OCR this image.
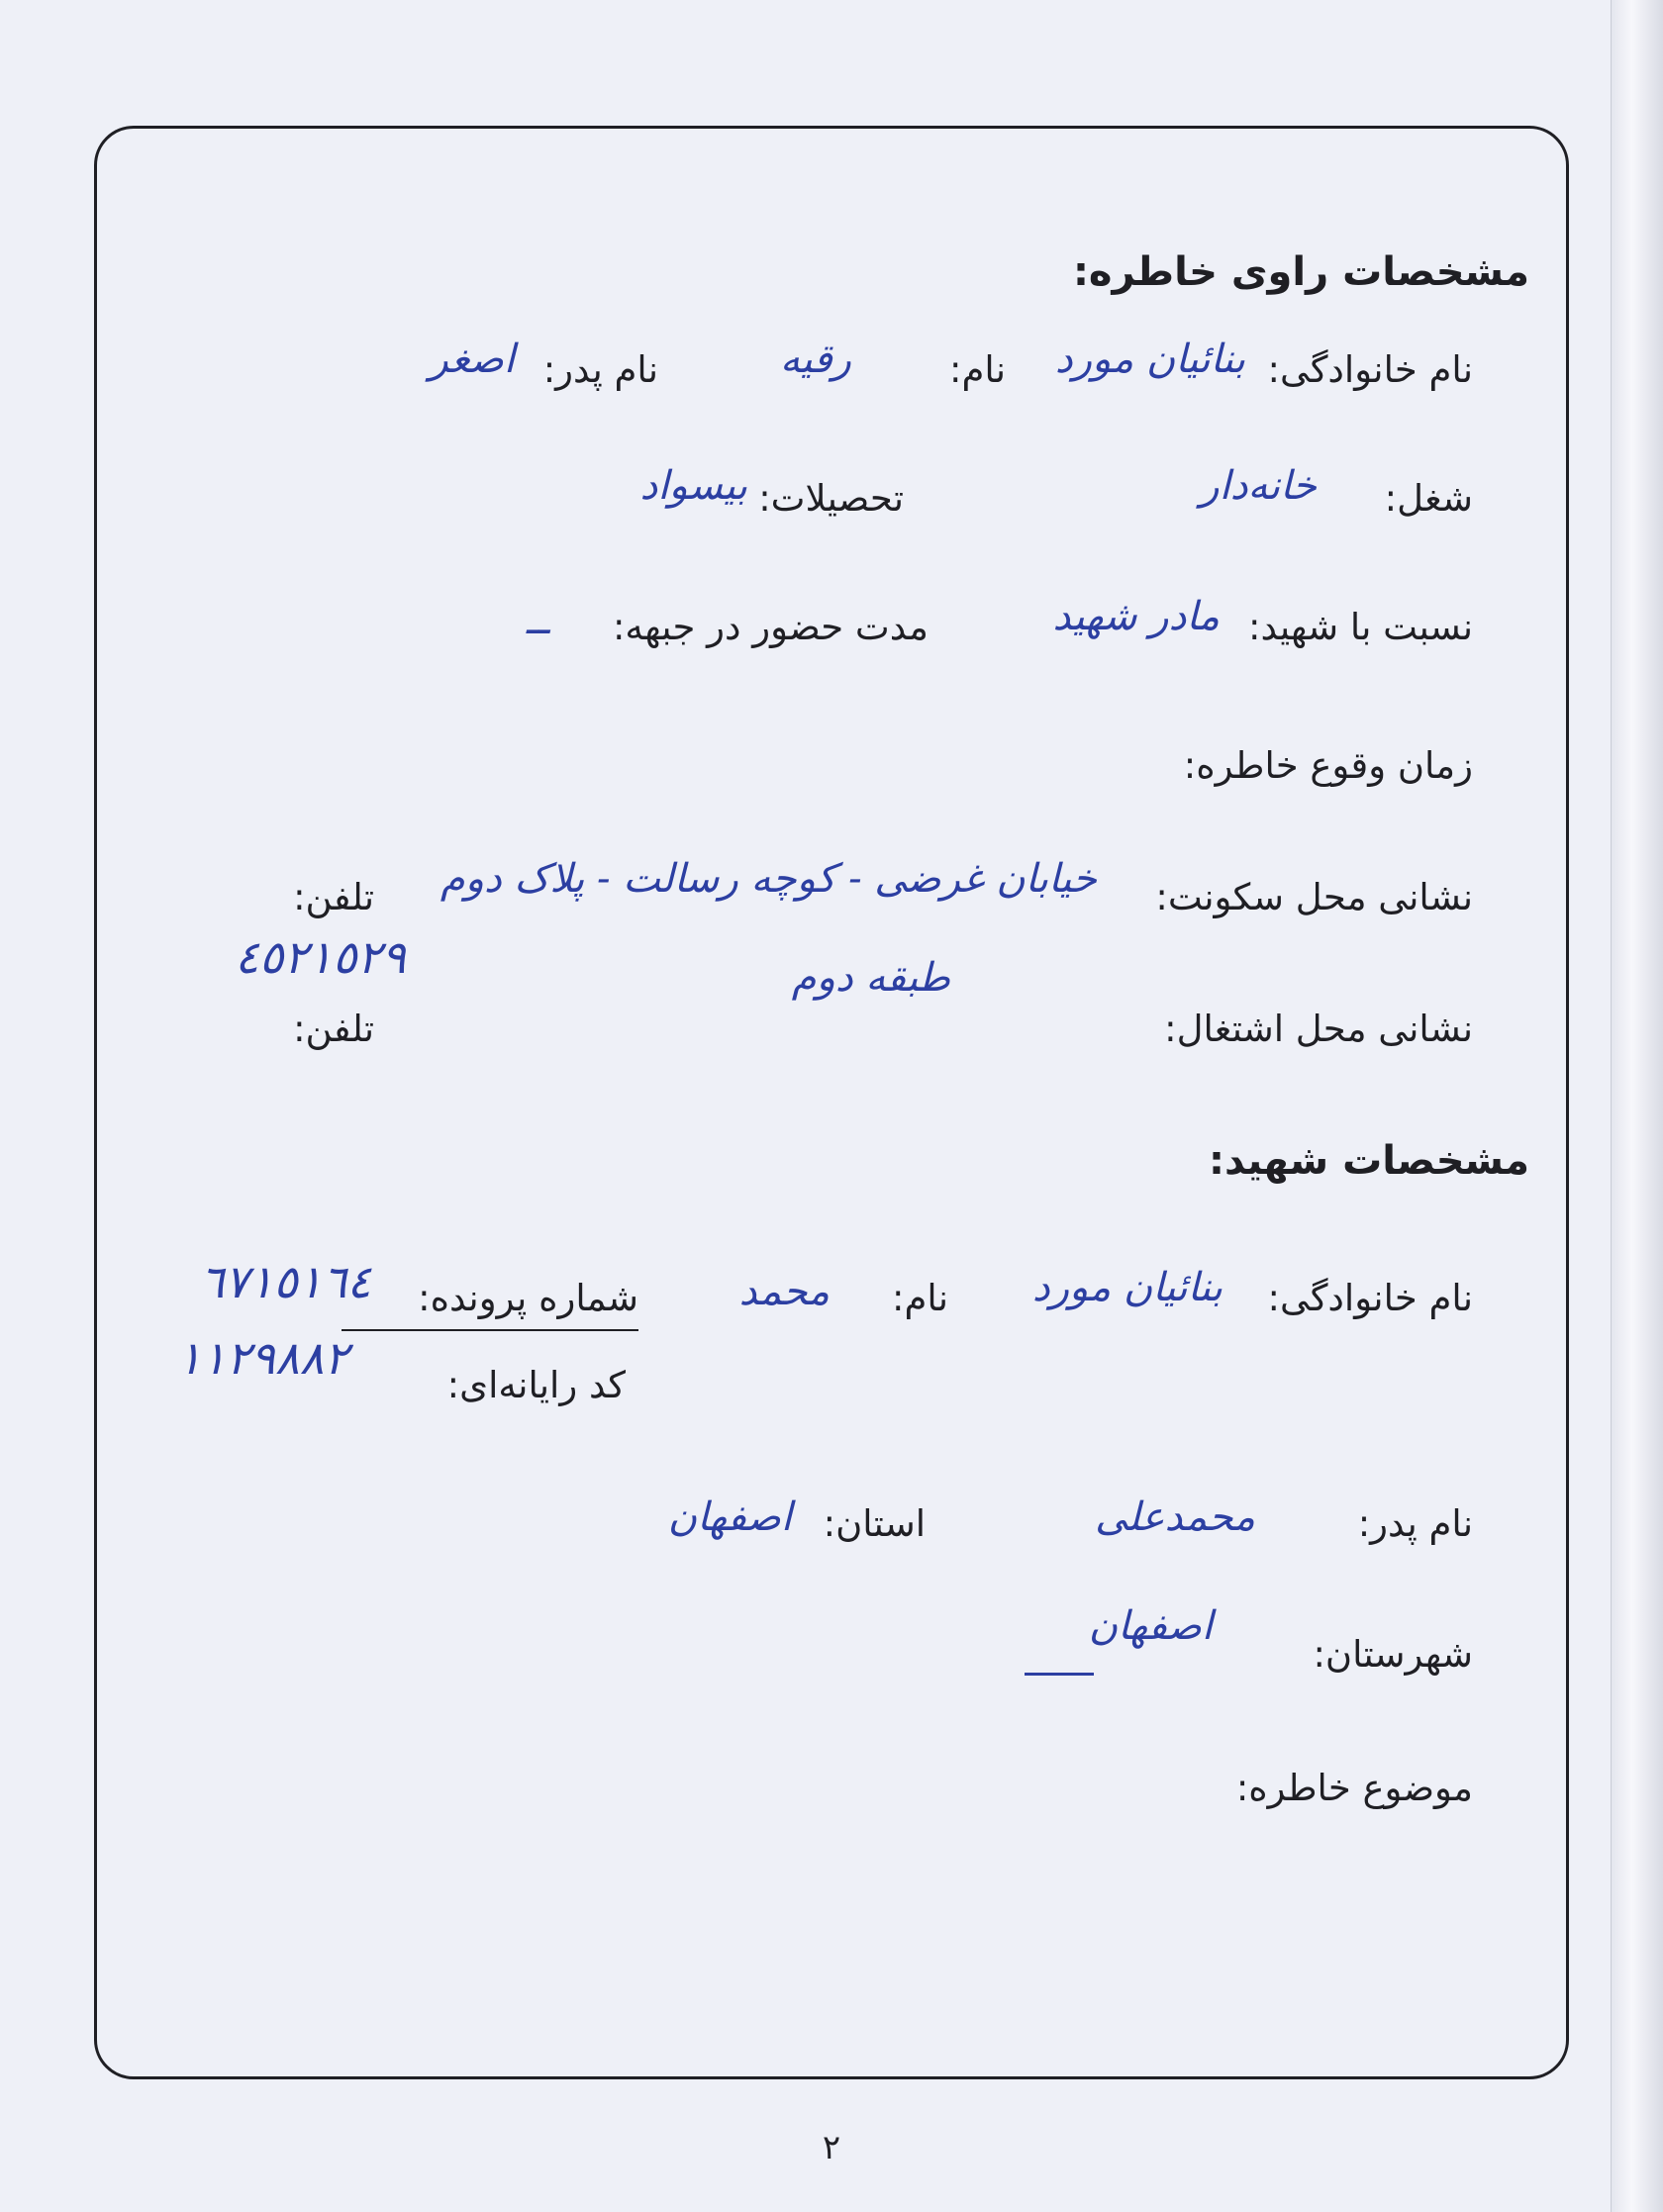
مشخصات راوی خاطره:
نام خانوادگی:
بنا‌ئیان مورد
نام:
رقیه
نام پدر:
اصغر
شغل:
خانه‌دار
تحصیلات:
بیسواد
نسبت با شهید:
مادر شهید
مدت حضور در جبهه:
ــ
زمان وقوع خاطره:
نشانی محل سکونت:
خیابان غرضی - کوچه رسالت - پلاک دوم
تلفن:
٤٥٢١٥٢٩	طبقه دوم
نشانی محل اشتغال:
تلفن:
مشخصات شهید:
نام خانوادگی:
بنا‌ئیان مورد
نام:
محمد
شماره پرونده:
٦٧١٥١٦٤
١١٢٩٨٨٢
کد رایانه‌ای:
نام پدر:
محمدعلی
استان:
اصفهان
شهرستان:
اصفهان
موضوع خاطره:
٢
